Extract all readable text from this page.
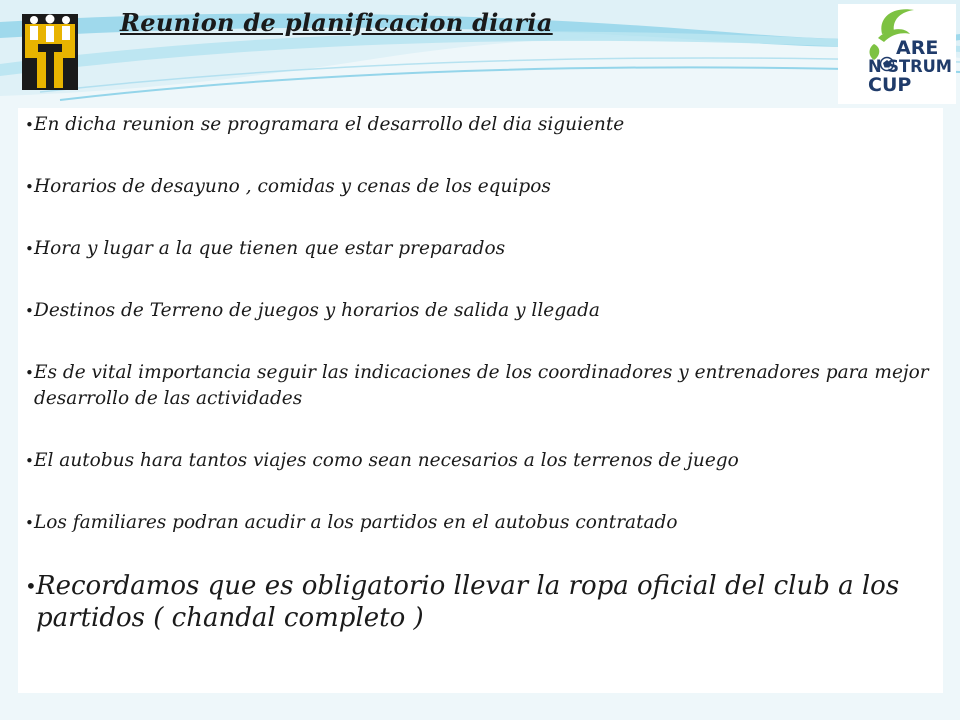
Reunion de planificacion diaria
ARE
N STRUM
CUP
• En dicha reunion se programara el desarrollo del dia siguiente
• Horarios de desayuno , comidas y cenas de los equipos
• Hora y lugar a la que tienen que estar preparados
• Destinos de Terreno de juegos y horarios de salida y llegada
• Es de vital importancia seguir las indicaciones de los coordinadores y entrenadores para mejor desarrollo de las actividades
• El autobus hara tantos viajes como sean necesarios a los terrenos de juego
• Los familiares podran acudir a los partidos en el autobus contratado
• Recordamos que es obligatorio llevar la ropa oficial del club a los partidos ( chandal completo )
